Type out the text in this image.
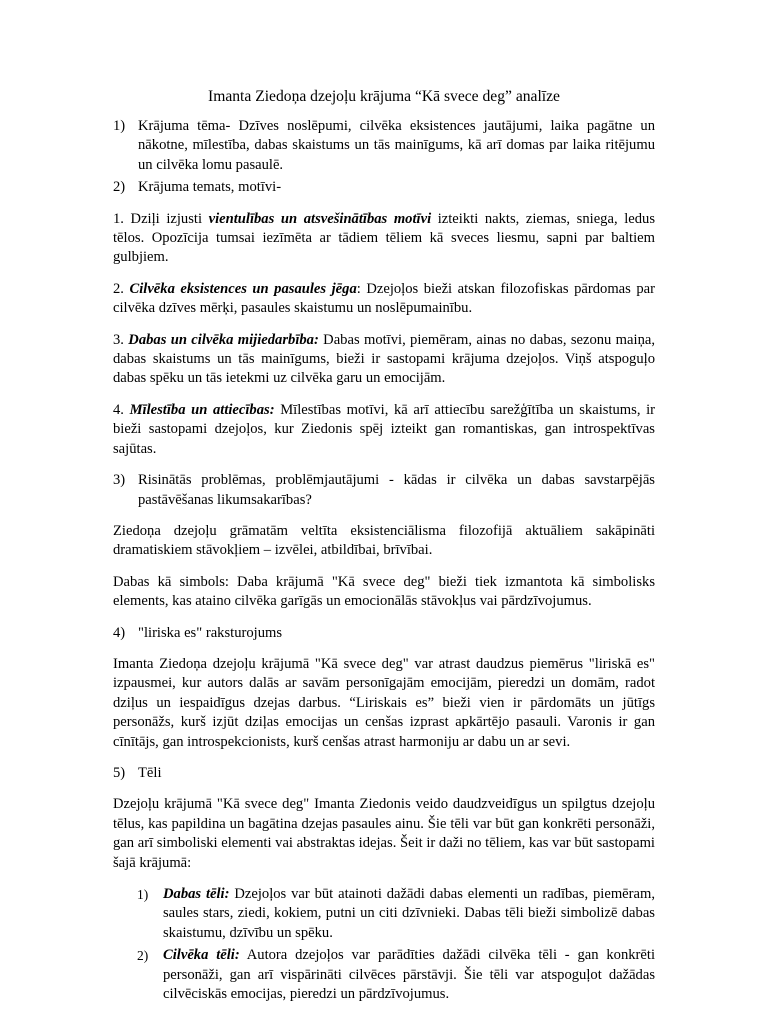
Imanta Ziedoņa dzejoļu krājuma “Kā svece deg” analīze
1) Krājuma tēma- Dzīves noslēpumi, cilvēka eksistences jautājumi, laika pagātne un nākotne, mīlestība, dabas skaistums un tās mainīgums, kā arī domas par laika ritējumu un cilvēka lomu pasaulē.
2) Krājuma temats, motīvi-

1. Dziļi izjusti vientulības un atsvešinātības motīvi izteikti nakts, ziemas, sniega, ledus tēlos. Opozīcija tumsai iezīmēta ar tādiem tēliem kā sveces liesmu, sapni par baltiem gulbjiem.

2. Cilvēka eksistences un pasaules jēga: Dzejoļos bieži atskan filozofiskas pārdomas par cilvēka dzīves mērķi, pasaules skaistumu un noslēpumainību.

3. Dabas un cilvēka mijiedarbība: Dabas motīvi, piemēram, ainas no dabas, sezonu maiņa, dabas skaistums un tās mainīgums, bieži ir sastopami krājuma dzejoļos. Viņš atspoguļo dabas spēku un tās ietekmi uz cilvēka garu un emocijām.

4. Mīlestība un attiecības: Mīlestības motīvi, kā arī attiecību sarežģītība un skaistums, ir bieži sastopami dzejoļos, kur Ziedonis spēj izteikt gan romantiskas, gan introspektīvas sajūtas.

3) Risinātās problēmas, problēmjautājumi - kādas ir cilvēka un dabas savstarpējās pastāvēšanas likumsakarības?

Ziedoņa dzejoļu grāmatām veltīta eksistenciālisma filozofijā aktuāliem sakāpināti dramatiskiem stāvokļiem – izvēlei, atbildībai, brīvībai.

Dabas kā simbols: Daba krājumā "Kā svece deg" bieži tiek izmantota kā simbolisks elements, kas ataino cilvēka garīgās un emocionālās stāvokļus vai pārdzīvojumus.

4) "liriska es" raksturojums

Imanta Ziedoņa dzejoļu krājumā "Kā svece deg" var atrast daudzus piemērus "liriskā es" izpausmei, kur autors dalās ar savām personīgajām emocijām, pieredzi un domām, radot dziļus un iespaidīgus dzejas darbus. “Liriskais es” bieži vien ir pārdomāts un jūtīgs personāžs, kurš izjūt dziļas emocijas un cenšas izprast apkārtējo pasauli. Varonis ir gan cīnītājs, gan introspekcionists, kurš cenšas atrast harmoniju ar dabu un ar sevi.

5) Tēli

Dzejoļu krājumā "Kā svece deg" Imanta Ziedonis veido daudzveidīgus un spilgtus dzejoļu tēlus, kas papildina un bagātina dzejas pasaules ainu. Šie tēli var būt gan konkrēti personāži, gan arī simboliski elementi vai abstraktas idejas. Šeit ir daži no tēliem, kas var būt sastopami šajā krājumā:

1)	Dabas tēli: Dzejoļos var būt atainoti dažādi dabas elementi un radības, piemēram, saules stars, ziedi, kokiem, putni un citi dzīvnieki. Dabas tēli bieži simbolizē dabas skaistumu, dzīvību un spēku.
2)	Cilvēka tēli: Autora dzejoļos var parādīties dažādi cilvēka tēli - gan konkrēti personāži, gan arī vispārināti cilvēces pārstāvji. Šie tēli var atspoguļot dažādas cilvēciskās emocijas, pieredzi un pārdzīvojumus.
